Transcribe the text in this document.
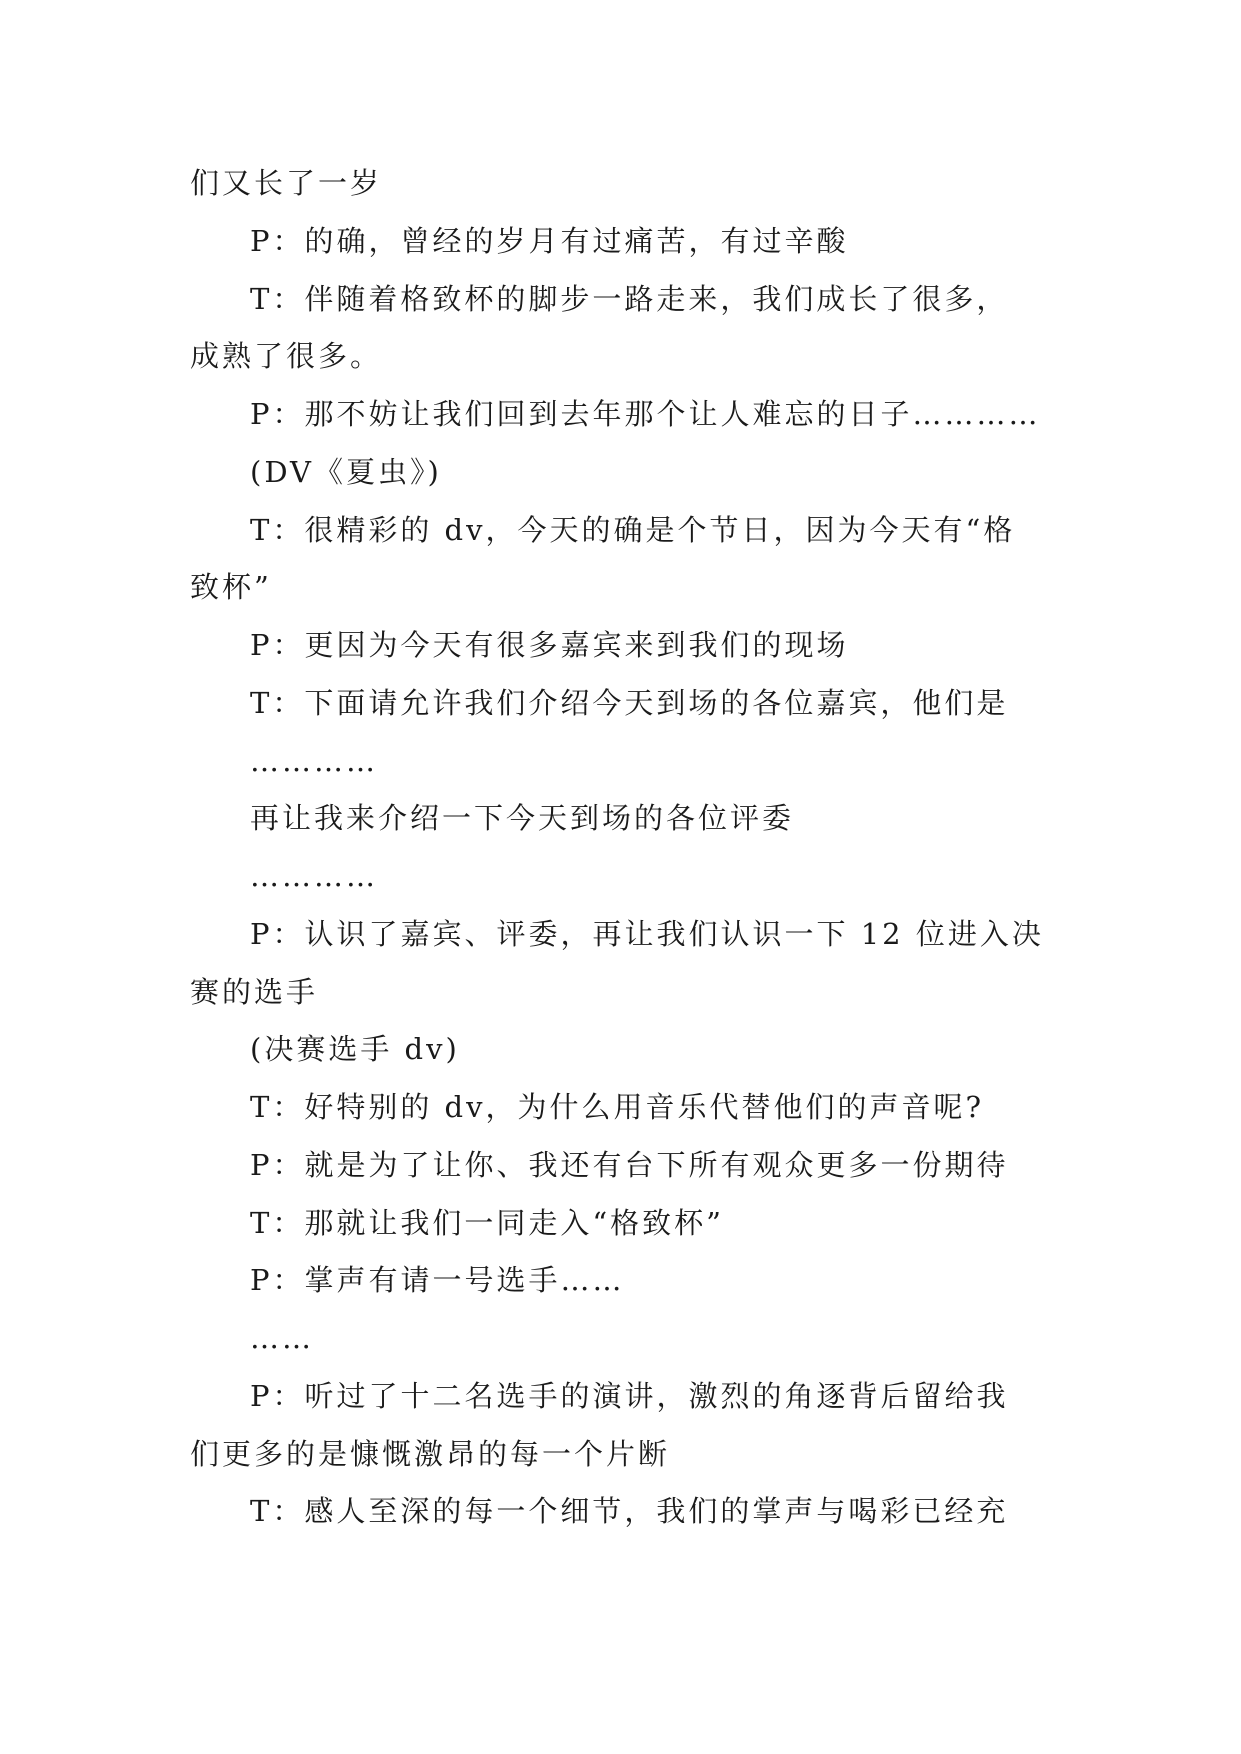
们又长了一岁
P：的确，曾经的岁月有过痛苦，有过辛酸
T：伴随着格致杯的脚步一路走来，我们成长了很多，
成熟了很多。
P：那不妨让我们回到去年那个让人难忘的日子…………
(DV《夏虫》)
T：很精彩的 dv，今天的确是个节日，因为今天有“格
致杯”
P：更因为今天有很多嘉宾来到我们的现场
T：下面请允许我们介绍今天到场的各位嘉宾，他们是
…………
再让我来介绍一下今天到场的各位评委
…………
P：认识了嘉宾、评委，再让我们认识一下 12 位进入决
赛的选手
(决赛选手 dv)
T：好特别的 dv，为什么用音乐代替他们的声音呢?
P：就是为了让你、我还有台下所有观众更多一份期待
T：那就让我们一同走入“格致杯”
P：掌声有请一号选手……
……
P：听过了十二名选手的演讲，激烈的角逐背后留给我
们更多的是慷慨激昂的每一个片断
T：感人至深的每一个细节，我们的掌声与喝彩已经充
